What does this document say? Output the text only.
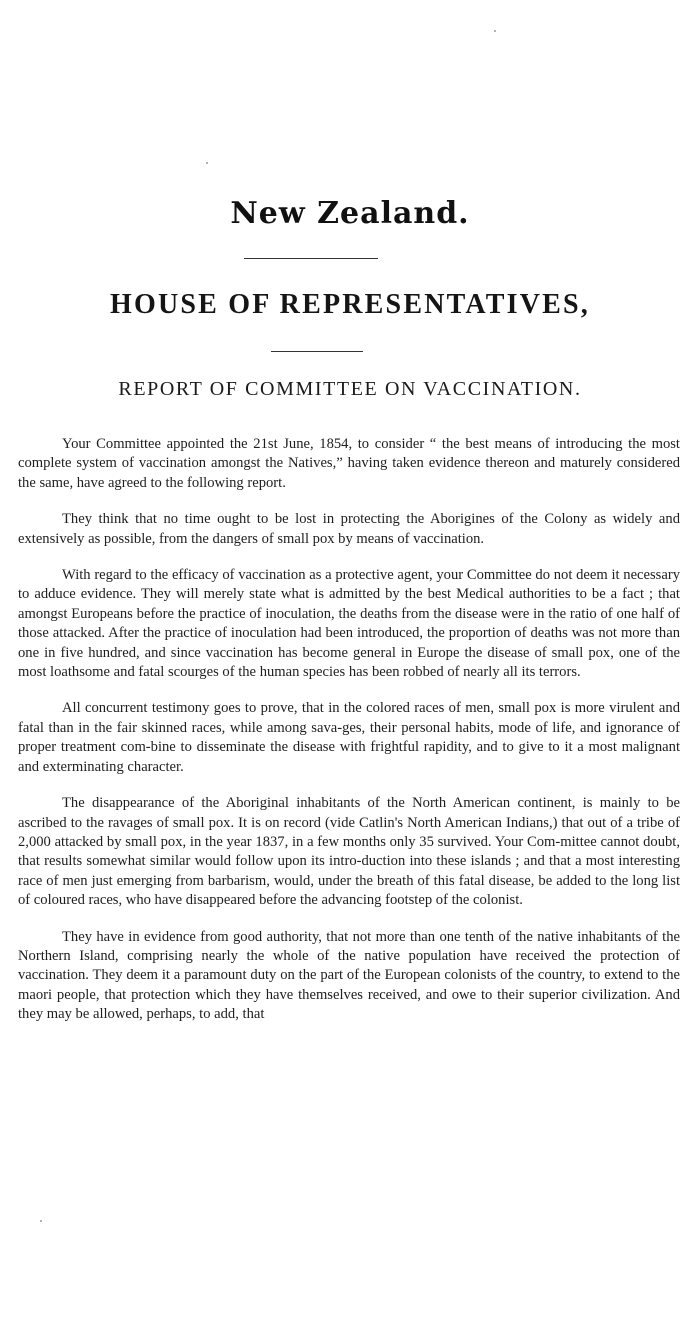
New Zealand.
HOUSE OF REPRESENTATIVES,
REPORT OF COMMITTEE ON VACCINATION.

Your Committee appointed the 21st June, 1854, to consider “ the best means of introducing the most complete system of vaccination amongst the Natives,” having taken evidence thereon and maturely considered the same, have agreed to the following report.

They think that no time ought to be lost in protecting the Aborigines of the Colony as widely and extensively as possible, from the dangers of small pox by means of vaccination.

With regard to the efficacy of vaccination as a protective agent, your Committee do not deem it necessary to adduce evidence. They will merely state what is admitted by the best Medical authorities to be a fact ; that amongst Europeans before the practice of inoculation, the deaths from the disease were in the ratio of one half of those attacked. After the practice of inoculation had been introduced, the proportion of deaths was not more than one in five hundred, and since vaccination has become general in Europe the disease of small pox, one of the most loathsome and fatal scourges of the human species has been robbed of nearly all its terrors.

All concurrent testimony goes to prove, that in the colored races of men, small pox is more virulent and fatal than in the fair skinned races, while among sava-ges, their personal habits, mode of life, and ignorance of proper treatment com-bine to disseminate the disease with frightful rapidity, and to give to it a most malignant and exterminating character.

The disappearance of the Aboriginal inhabitants of the North American continent, is mainly to be ascribed to the ravages of small pox. It is on record (vide Catlin's North American Indians,) that out of a tribe of 2,000 attacked by small pox, in the year 1837, in a few months only 35 survived. Your Com-mittee cannot doubt, that results somewhat similar would follow upon its intro-duction into these islands ; and that a most interesting race of men just emerging from barbarism, would, under the breath of this fatal disease, be added to the long list of coloured races, who have disappeared before the advancing footstep of the colonist.

They have in evidence from good authority, that not more than one tenth of the native inhabitants of the Northern Island, comprising nearly the whole of the native population have received the protection of vaccination. They deem it a paramount duty on the part of the European colonists of the country, to extend to the maori people, that protection which they have themselves received, and owe to their superior civilization. And they may be allowed, perhaps, to add, that
